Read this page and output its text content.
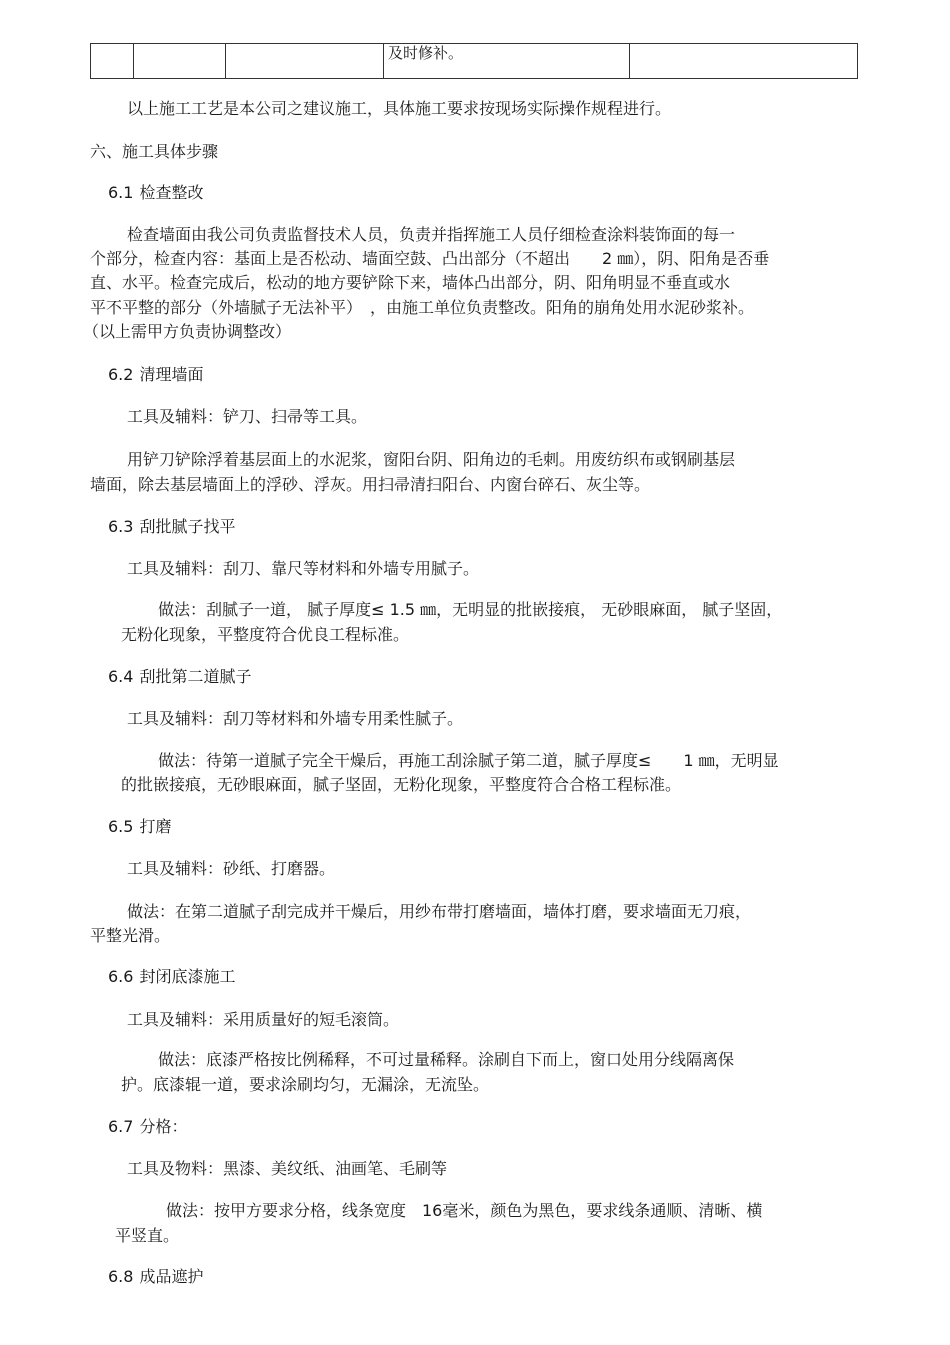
			及时修补。	
以上施工工艺是本公司之建议施工，具体施工要求按现场实际操作规程进行。
六、施工具体步骤
6.1 检查整改
检查墙面由我公司负责监督技术人员，负责并指挥施工人员仔细检查涂料装饰面的每一
个部分，检查内容：基面上是否松动、墙面空鼓、凸出部分（不超出　　2 ㎜），阴、阳角是否垂
直、水平。检查完成后，松动的地方要铲除下来，墙体凸出部分，阴、阳角明显不垂直或水
平不平整的部分（外墙腻子无法补平）　，由施工单位负责整改。阳角的崩角处用水泥砂浆补。
（以上需甲方负责协调整改）
6.2 清理墙面
工具及辅料：铲刀、扫帚等工具。
用铲刀铲除浮着基层面上的水泥浆，窗阳台阴、阳角边的毛刺。用废纺织布或钢刷基层
墙面，除去基层墙面上的浮砂、浮灰。用扫帚清扫阳台、内窗台碎石、灰尘等。
6.3 刮批腻子找平
工具及辅料：刮刀、靠尺等材料和外墙专用腻子。
做法：刮腻子一道， 腻子厚度≤ 1.5 ㎜，无明显的批嵌接痕， 无砂眼麻面， 腻子坚固，
无粉化现象，平整度符合优良工程标准。
6.4 刮批第二道腻子
工具及辅料：刮刀等材料和外墙专用柔性腻子。
做法：待第一道腻子完全干燥后，再施工刮涂腻子第二道，腻子厚度≤　　1 ㎜，无明显
的批嵌接痕，无砂眼麻面，腻子坚固，无粉化现象，平整度符合合格工程标准。
6.5 打磨
工具及辅料：砂纸、打磨器。
做法：在第二道腻子刮完成并干燥后，用纱布带打磨墙面，墙体打磨，要求墙面无刀痕，
平整光滑。
6.6 封闭底漆施工
工具及辅料：采用质量好的短毛滚筒。
做法：底漆严格按比例稀释，不可过量稀释。涂刷自下而上，窗口处用分线隔离保
护。底漆辊一道，要求涂刷均匀，无漏涂，无流坠。
6.7 分格：
工具及物料：黑漆、美纹纸、油画笔、毛刷等
做法：按甲方要求分格，线条宽度　16毫米，颜色为黑色，要求线条通顺、清晰、横
平竖直。
6.8 成品遮护
